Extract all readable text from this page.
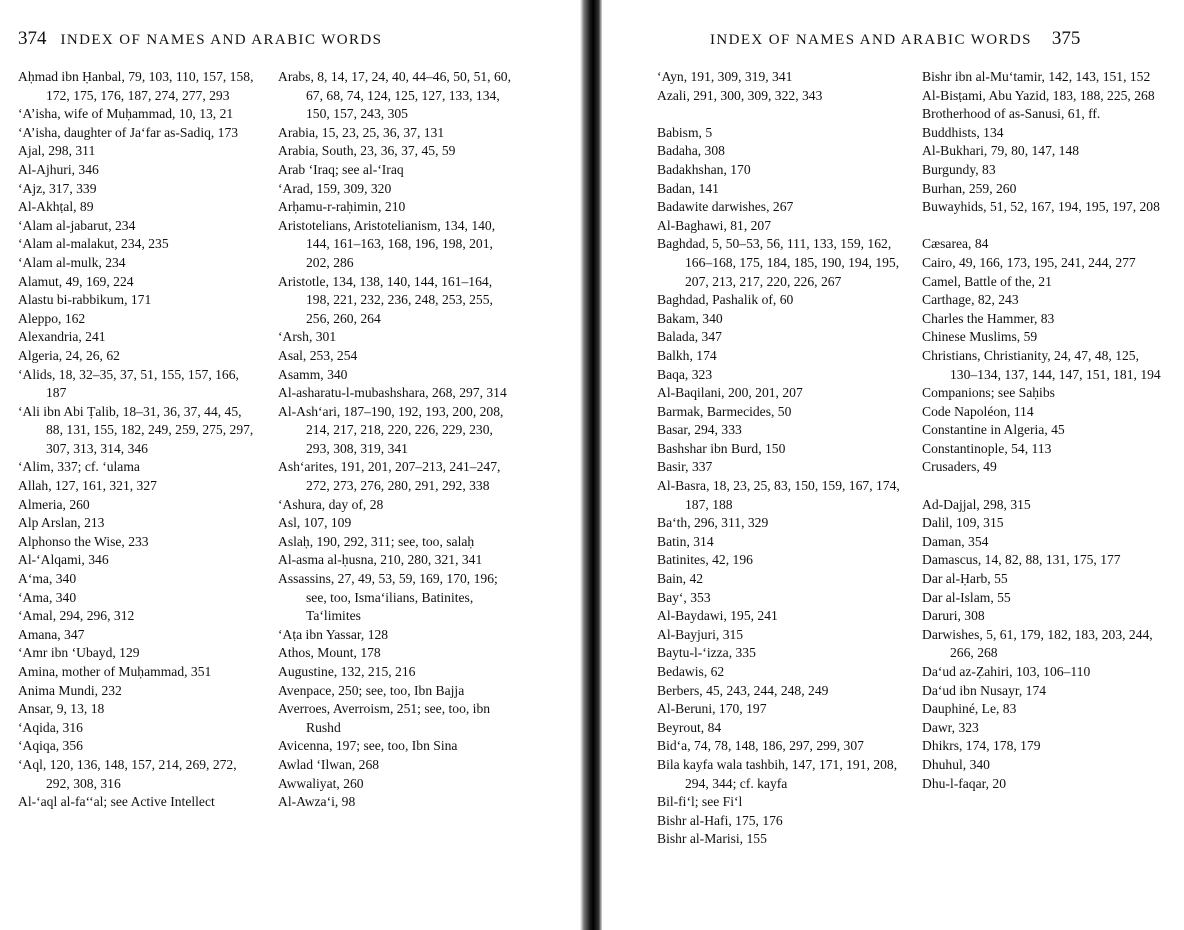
374 INDEX OF NAMES AND ARABIC WORDS
Aḥmad ibn Ḥanbal, 79, 103, 110, 157, 158, 172, 175, 176, 187, 274, 277, 293
‘A’isha, wife of Muḥammad, 10, 13, 21
‘A’isha, daughter of Ja‘far as-Sadiq, 173
Ajal, 298, 311
Al-Ajhuri, 346
‘Ajz, 317, 339
Al-Akhṭal, 89
‘Alam al-jabarut, 234
‘Alam al-malakut, 234, 235
‘Alam al-mulk, 234
Alamut, 49, 169, 224
Alastu bi-rabbikum, 171
Aleppo, 162
Alexandria, 241
Algeria, 24, 26, 62
‘Alids, 18, 32–35, 37, 51, 155, 157, 166, 187
‘Ali ibn Abi Ṭalib, 18–31, 36, 37, 44, 45, 88, 131, 155, 182, 249, 259, 275, 297, 307, 313, 314, 346
‘Alim, 337; cf. ‘ulama
Allah, 127, 161, 321, 327
Almeria, 260
Alp Arslan, 213
Alphonso the Wise, 233
Al-‘Alqami, 346
A‘ma, 340
‘Ama, 340
‘Amal, 294, 296, 312
Amana, 347
‘Amr ibn ‘Ubayd, 129
Amina, mother of Muḥammad, 351
Anima Mundi, 232
Ansar, 9, 13, 18
‘Aqida, 316
‘Aqiqa, 356
‘Aql, 120, 136, 148, 157, 214, 269, 272, 292, 308, 316
Al-‘aql al-fa‘‘al; see Active Intellect
Arabs, 8, 14, 17, 24, 40, 44–46, 50, 51, 60, 67, 68, 74, 124, 125, 127, 133, 134, 150, 157, 243, 305
Arabia, 15, 23, 25, 36, 37, 131
Arabia, South, 23, 36, 37, 45, 59
Arab ‘Iraq; see al-‘Iraq
‘Arad, 159, 309, 320
Arḥamu-r-raḥimin, 210
Aristotelians, Aristotelianism, 134, 140, 144, 161–163, 168, 196, 198, 201, 202, 286
Aristotle, 134, 138, 140, 144, 161–164, 198, 221, 232, 236, 248, 253, 255, 256, 260, 264
‘Arsh, 301
Asal, 253, 254
Asamm, 340
Al-asharatu-l-mubashshara, 268, 297, 314
Al-Ash‘ari, 187–190, 192, 193, 200, 208, 214, 217, 218, 220, 226, 229, 230, 293, 308, 319, 341
Ash‘arites, 191, 201, 207–213, 241–247, 272, 273, 276, 280, 291, 292, 338
‘Ashura, day of, 28
Asl, 107, 109
Aslaḥ, 190, 292, 311; see, too, salaḥ
Al-asma al-ḥusna, 210, 280, 321, 341
Assassins, 27, 49, 53, 59, 169, 170, 196; see, too, Isma‘ilians, Batinites, Ta‘limites
‘Aṭa ibn Yassar, 128
Athos, Mount, 178
Augustine, 132, 215, 216
Avenpace, 250; see, too, Ibn Bajja
Averroes, Averroism, 251; see, too, ibn Rushd
Avicenna, 197; see, too, Ibn Sina
Awlad ‘Ilwan, 268
Awwaliyat, 260
Al-Awza‘i, 98
INDEX OF NAMES AND ARABIC WORDS 375
‘Ayn, 191, 309, 319, 341
Azali, 291, 300, 309, 322, 343
Babism, 5
Badaha, 308
Badakhshan, 170
Badan, 141
Badawite darwishes, 267
Al-Baghawi, 81, 207
Baghdad, 5, 50–53, 56, 111, 133, 159, 162, 166–168, 175, 184, 185, 190, 194, 195, 207, 213, 217, 220, 226, 267
Baghdad, Pashalik of, 60
Bakam, 340
Balada, 347
Balkh, 174
Baqa, 323
Al-Baqilani, 200, 201, 207
Barmak, Barmecides, 50
Basar, 294, 333
Bashshar ibn Burd, 150
Basir, 337
Al-Basra, 18, 23, 25, 83, 150, 159, 167, 174, 187, 188
Ba‘th, 296, 311, 329
Batin, 314
Batinites, 42, 196
Bain, 42
Bay‘, 353
Al-Baydawi, 195, 241
Al-Bayjuri, 315
Baytu-l-‘izza, 335
Bedawis, 62
Berbers, 45, 243, 244, 248, 249
Al-Beruni, 170, 197
Beyrout, 84
Bid‘a, 74, 78, 148, 186, 297, 299, 307
Bila kayfa wala tashbih, 147, 171, 191, 208, 294, 344; cf. kayfa
Bil-fi‘l; see Fi‘l
Bishr al-Hafi, 175, 176
Bishr al-Marisi, 155
Bishr ibn al-Mu‘tamir, 142, 143, 151, 152
Al-Bisṭami, Abu Yazid, 183, 188, 225, 268
Brotherhood of as-Sanusi, 61, ff.
Buddhists, 134
Al-Bukhari, 79, 80, 147, 148
Burgundy, 83
Burhan, 259, 260
Buwayhids, 51, 52, 167, 194, 195, 197, 208
Cæsarea, 84
Cairo, 49, 166, 173, 195, 241, 244, 277
Camel, Battle of the, 21
Carthage, 82, 243
Charles the Hammer, 83
Chinese Muslims, 59
Christians, Christianity, 24, 47, 48, 125, 130–134, 137, 144, 147, 151, 181, 194
Companions; see Saḥibs
Code Napoléon, 114
Constantine in Algeria, 45
Constantinople, 54, 113
Crusaders, 49
Ad-Dajjal, 298, 315
Dalil, 109, 315
Daman, 354
Damascus, 14, 82, 88, 131, 175, 177
Dar al-Ḥarb, 55
Dar al-Islam, 55
Daruri, 308
Darwishes, 5, 61, 179, 182, 183, 203, 244, 266, 268
Da‘ud az-Ẓahiri, 103, 106–110
Da‘ud ibn Nusayr, 174
Dauphiné, Le, 83
Dawr, 323
Dhikrs, 174, 178, 179
Dhuhul, 340
Dhu-l-faqar, 20
